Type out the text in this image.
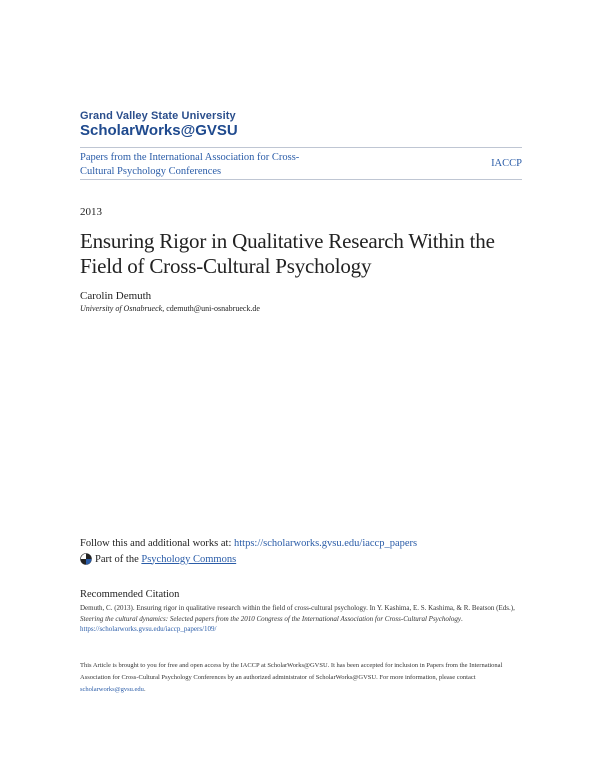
Grand Valley State University
ScholarWorks@GVSU
Papers from the International Association for Cross-Cultural Psychology Conferences
IACCP
2013
Ensuring Rigor in Qualitative Research Within the Field of Cross-Cultural Psychology
Carolin Demuth
University of Osnabrueck, cdemuth@uni-osnabrueck.de
Follow this and additional works at: https://scholarworks.gvsu.edu/iaccp_papers
Part of the
Psychology Commons
Recommended Citation
Demuth, C. (2013). Ensuring rigor in qualitative research within the field of cross-cultural psychology. In Y. Kashima, E. S. Kashima, & R. Beatson (Eds.), Steering the cultural dynamics: Selected papers from the 2010 Congress of the International Association for Cross-Cultural Psychology. https://scholarworks.gvsu.edu/iaccp_papers/109/
This Article is brought to you for free and open access by the IACCP at ScholarWorks@GVSU. It has been accepted for inclusion in Papers from the International Association for Cross-Cultural Psychology Conferences by an authorized administrator of ScholarWorks@GVSU. For more information, please contact scholarworks@gvsu.edu.
